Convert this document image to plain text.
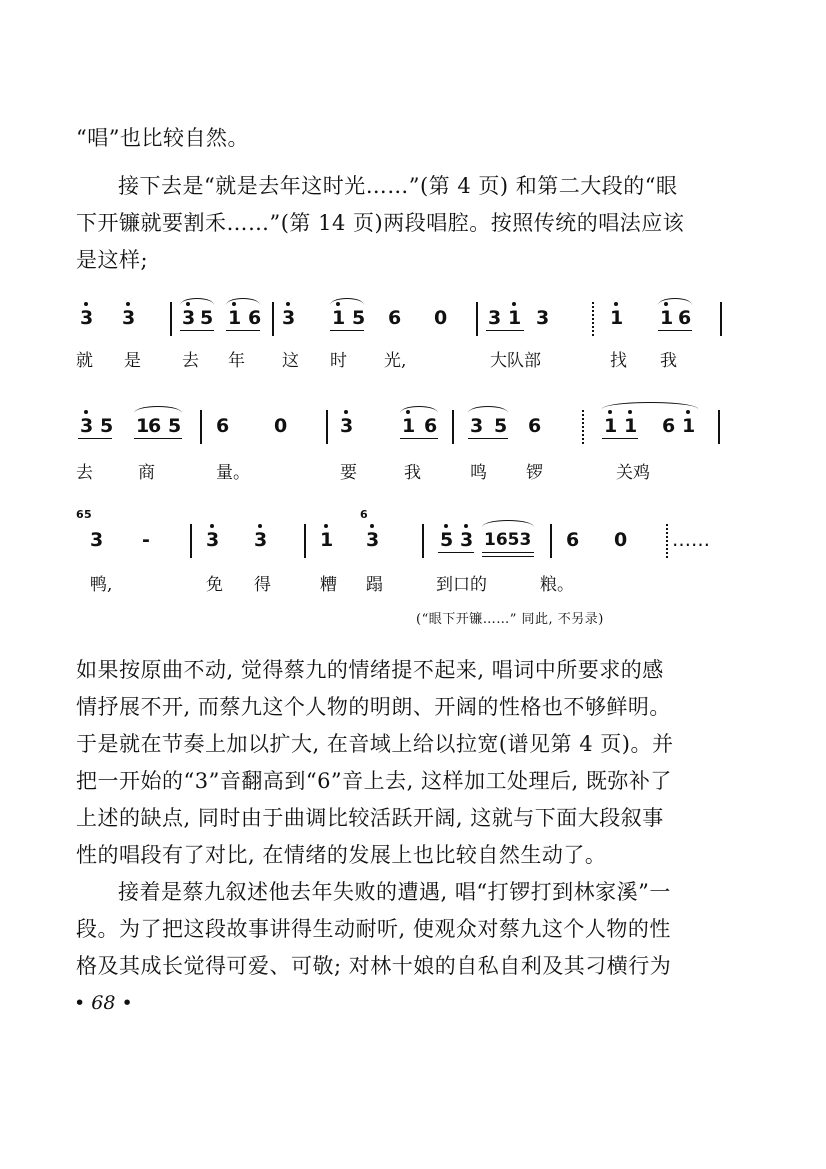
“唱”也比较自然。
接下去是“就是去年这时光……”(第 4 页) 和第二大段的“眼
下开镰就要割禾……”(第 14 页)两段唱腔。按照传统的唱法应该
是这样;
3 3 3 5 1 6 3 1 5 6 0 3 1 3	1 1 6
就 是 去 年 这 时 光,	大队部	找 我
3 5 1
6 5 6 0	3	1 6 3 5 6	1 1 6 1
去	商	量。	要	我	鸣 锣	关鸡
6 5
3 -	3 3	1
6
3	5 3 1653 6 0 ……
鸭,	免 得	糟 蹋	到口的	粮。
(“眼下开镰……” 同此, 不另录)
如果按原曲不动, 觉得蔡九的情绪提不起来, 唱词中所要求的感
情抒展不开, 而蔡九这个人物的明朗、开阔的性格也不够鲜明。
于是就在节奏上加以扩大, 在音域上给以拉宽(谱见第 4 页)。并
把一开始的“3”音翻高到“6”音上去, 这样加工处理后, 既弥补了
上述的缺点, 同时由于曲调比较活跃开阔, 这就与下面大段叙事
性的唱段有了对比, 在情绪的发展上也比较自然生动了。
接着是蔡九叙述他去年失败的遭遇, 唱“打锣打到林家溪”一
段。为了把这段故事讲得生动耐听, 使观众对蔡九这个人物的性
格及其成长觉得可爱、可敬; 对林十娘的自私自利及其刁横行为
• 68 •
